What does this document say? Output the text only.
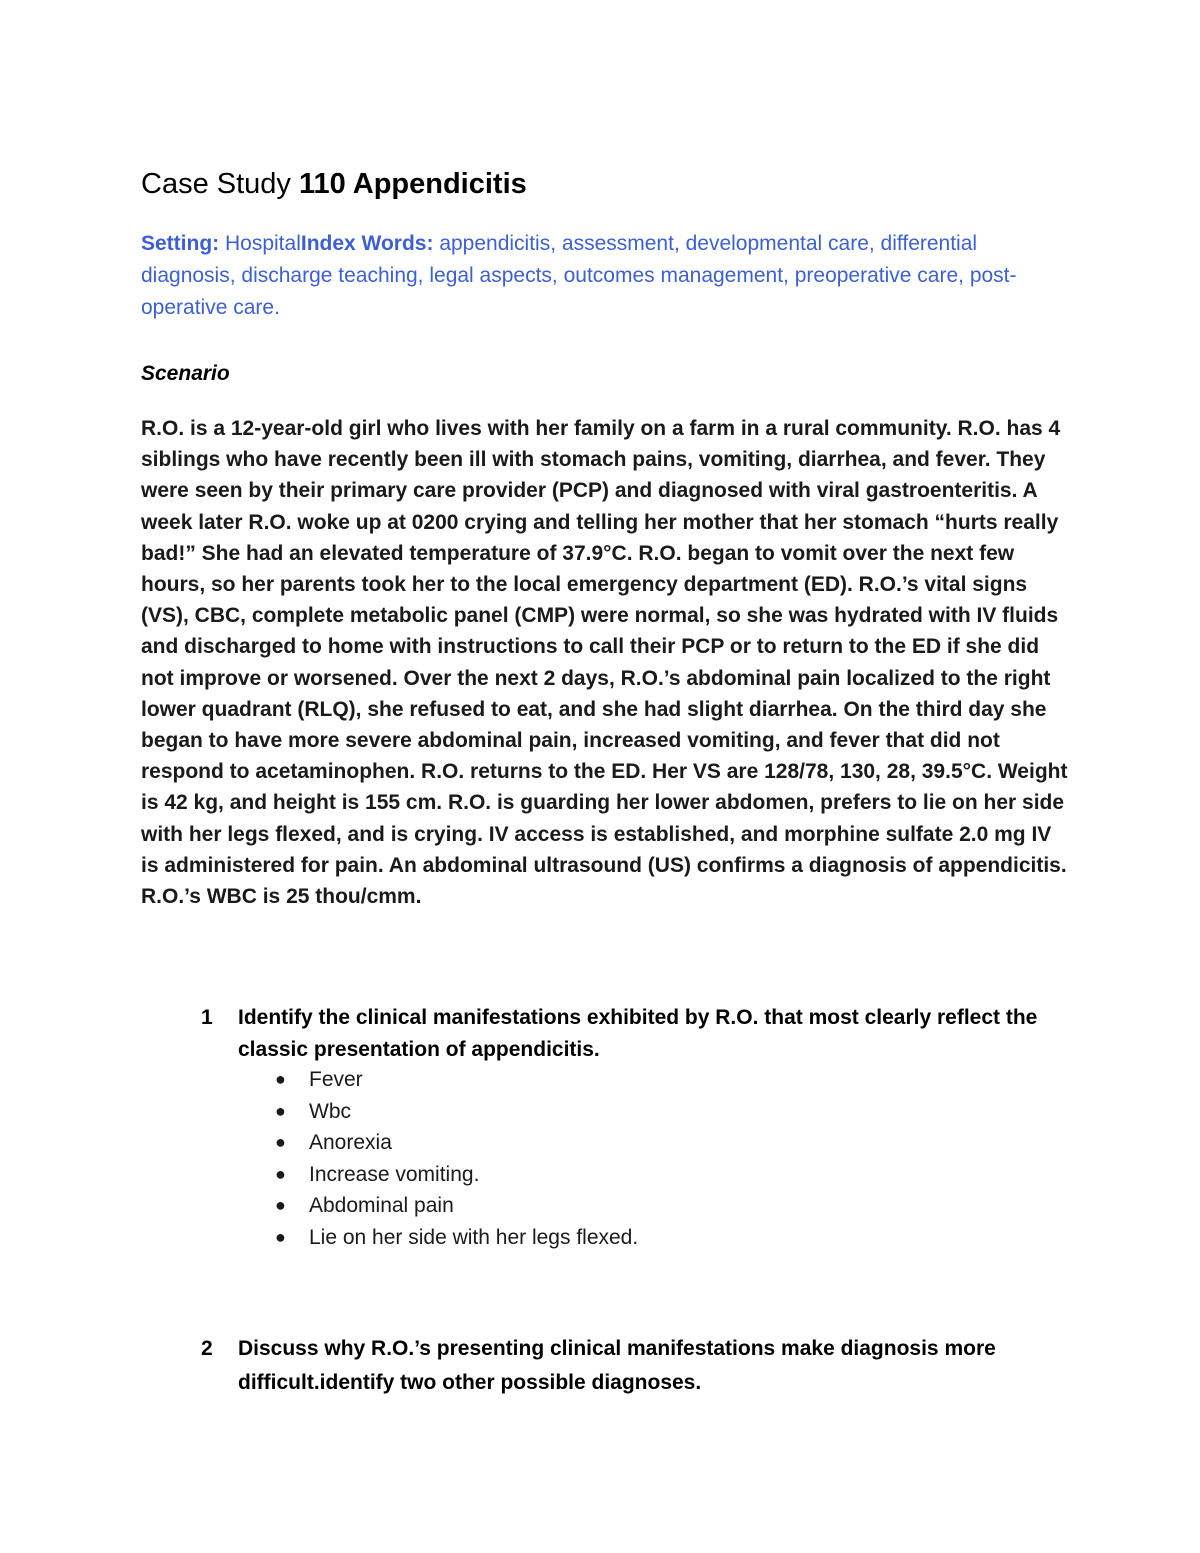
Case Study 110 Appendicitis
Setting: HospitalIndex Words: appendicitis, assessment, developmental care, differential diagnosis, discharge teaching, legal aspects, outcomes management, preoperative care, post-operative care.
Scenario

R.O. is a 12-year-old girl who lives with her family on a farm in a rural community. R.O. has 4 siblings who have recently been ill with stomach pains, vomiting, diarrhea, and fever. They were seen by their primary care provider (PCP) and diagnosed with viral gastroenteritis. A week later R.O. woke up at 0200 crying and telling her mother that her stomach “hurts really bad!” She had an elevated temperature of 37.9°C. R.O. began to vomit over the next few hours, so her parents took her to the local emergency department (ED). R.O.’s vital signs (VS), CBC, complete metabolic panel (CMP) were normal, so she was hydrated with IV fluids and discharged to home with instructions to call their PCP or to return to the ED if she did not improve or worsened. Over the next 2 days, R.O.’s abdominal pain localized to the right lower quadrant (RLQ), she refused to eat, and she had slight diarrhea. On the third day she began to have more severe abdominal pain, increased vomiting, and fever that did not respond to acetaminophen. R.O. returns to the ED. Her VS are 128/78, 130, 28, 39.5°C. Weight is 42 kg, and height is 155 cm. R.O. is guarding her lower abdomen, prefers to lie on her side with her legs flexed, and is crying. IV access is established, and morphine sulfate 2.0 mg IV is administered for pain. An abdominal ultrasound (US) confirms a diagnosis of appendicitis. R.O.’s WBC is 25 thou/cmm.

1	Identify the clinical manifestations exhibited by R.O. that most clearly reflect the classic presentation of appendicitis.
● Fever
● Wbc
● Anorexia
● Increase vomiting.
● Abdominal pain
● Lie on her side with her legs flexed.
2	Discuss why R.O.’s presenting clinical manifestations make diagnosis more difficult.identify two other possible diagnoses.
